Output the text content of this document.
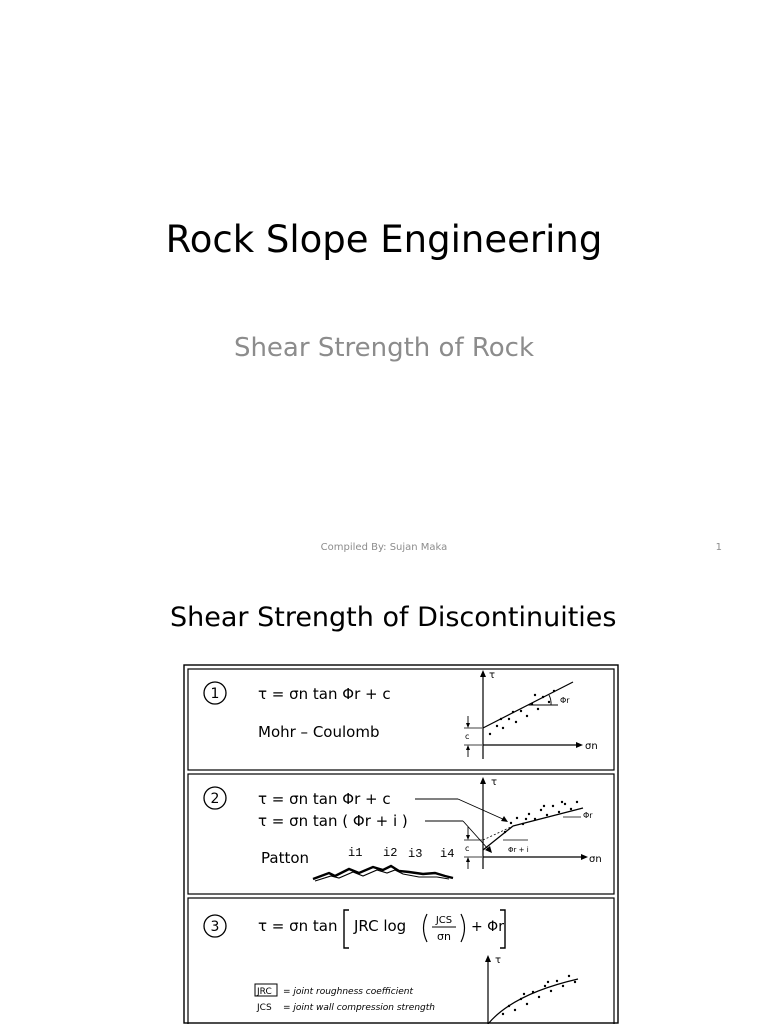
Rock Slope Engineering
Shear Strength of Rock
Compiled By: Sujan Maka	1
Shear Strength of Discontinuities
1	τ = σn tan Φr + c
Mohr – Coulomb
τ
σn
Φr
c
2	τ = σn tan Φr + c
τ = σn tan ( Φr + i )
Patton	i1 i2 i3 i4
τ
σn
Φr + i
Φr
c
3	τ = σn tan JRC log	JCS
σn
+ Φr
JRC = joint roughness coefficient
JCS = joint wall compression strength
τ
